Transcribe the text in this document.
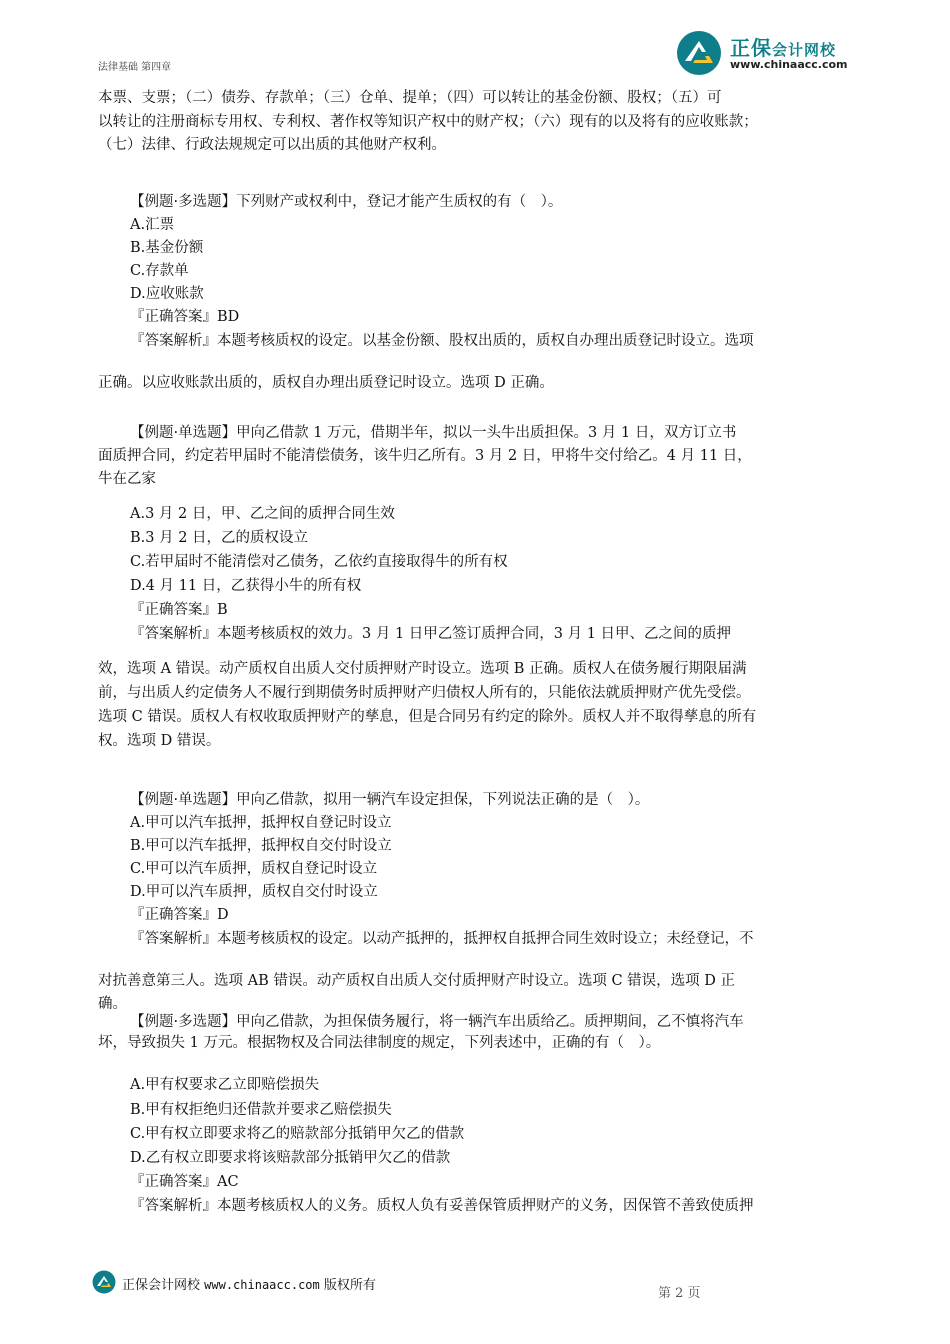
法律基础 第四章
正保会计网校
www.chinaacc.com
本票、支票；（二）债券、存款单；（三）仓单、提单；（四）可以转让的基金份额、股权；（五）可
以转让的注册商标专用权、专利权、著作权等知识产权中的财产权；（六）现有的以及将有的应收账款；
（七）法律、行政法规规定可以出质的其他财产权利。
【例题·多选题】下列财产或权利中，登记才能产生质权的有（　）。
A.汇票
B.基金份额
C.存款单
D.应收账款
『正确答案』BD
『答案解析』本题考核质权的设定。以基金份额、股权出质的，质权自办理出质登记时设立。选项
正确。以应收账款出质的，质权自办理出质登记时设立。选项 D 正确。
【例题·单选题】甲向乙借款 1 万元，借期半年，拟以一头牛出质担保。3 月 1 日，双方订立书
面质押合同，约定若甲届时不能清偿债务，该牛归乙所有。3 月 2 日，甲将牛交付给乙。4 月 11 日，
牛在乙家
A.3 月 2 日，甲、乙之间的质押合同生效
B.3 月 2 日，乙的质权设立
C.若甲届时不能清偿对乙债务，乙依约直接取得牛的所有权
D.4 月 11 日，乙获得小牛的所有权
『正确答案』B
『答案解析』本题考核质权的效力。3 月 1 日甲乙签订质押合同，3 月 1 日甲、乙之间的质押
效，选项 A 错误。动产质权自出质人交付质押财产时设立。选项 B 正确。质权人在债务履行期限届满
前，与出质人约定债务人不履行到期债务时质押财产归债权人所有的，只能依法就质押财产优先受偿。
选项 C 错误。质权人有权收取质押财产的孳息，但是合同另有约定的除外。质权人并不取得孳息的所有
权。选项 D 错误。
【例题·单选题】甲向乙借款，拟用一辆汽车设定担保，下列说法正确的是（　）。
A.甲可以汽车抵押，抵押权自登记时设立
B.甲可以汽车抵押，抵押权自交付时设立
C.甲可以汽车质押，质权自登记时设立
D.甲可以汽车质押，质权自交付时设立
『正确答案』D
『答案解析』本题考核质权的设定。以动产抵押的，抵押权自抵押合同生效时设立；未经登记，不
对抗善意第三人。选项 AB 错误。动产质权自出质人交付质押财产时设立。选项 C 错误，选项 D 正
确。
【例题·多选题】甲向乙借款，为担保债务履行，将一辆汽车出质给乙。质押期间，乙不慎将汽车
坏，导致损失 1 万元。根据物权及合同法律制度的规定，下列表述中，正确的有（　）。
A.甲有权要求乙立即赔偿损失
B.甲有权拒绝归还借款并要求乙赔偿损失
C.甲有权立即要求将乙的赔款部分抵销甲欠乙的借款
D.乙有权立即要求将该赔款部分抵销甲欠乙的借款
『正确答案』AC
『答案解析』本题考核质权人的义务。质权人负有妥善保管质押财产的义务，因保管不善致使质押
正保会计网校 www.chinaacc.com 版权所有
第 2 页
